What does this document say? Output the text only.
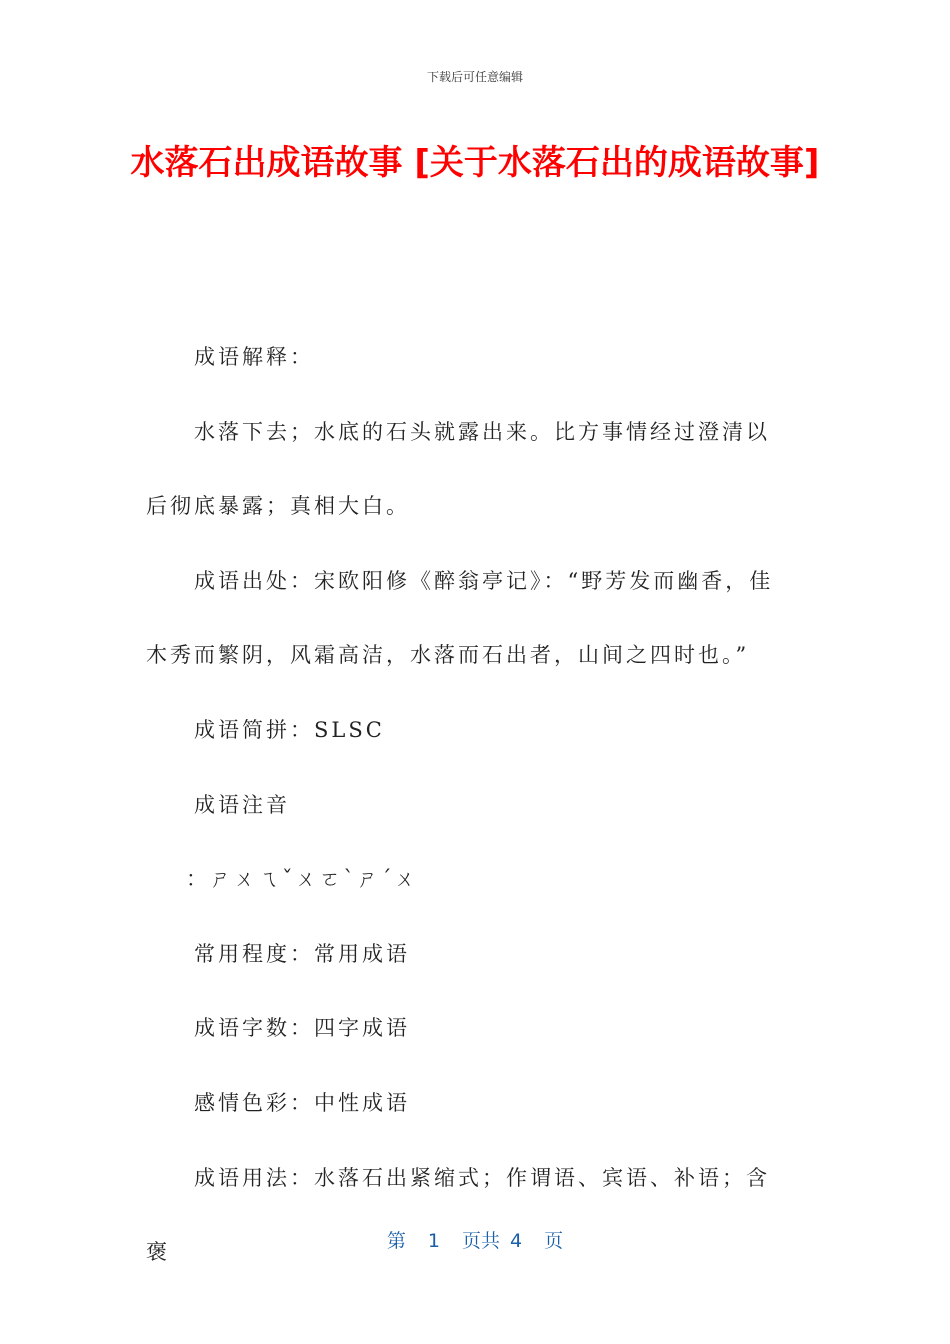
下载后可任意编辑
水落石出成语故事 [关于水落石出的成语故事]

成语解释：

水落下去；水底的石头就露出来。比方事情经过澄清以后彻底暴露；真相大白。

成语出处：宋欧阳修《醉翁亭记》：“野芳发而幽香，佳木秀而繁阴，风霜高洁，水落而石出者，山间之四时也。”

成语简拼：SLSC

成语注音

：ㄕㄨㄟˇㄨㄛˋㄕˊㄨ

常用程度：常用成语

成语字数：四字成语

感情色彩：中性成语

成语用法：水落石出紧缩式；作谓语、宾语、补语；含褒	第 1 页共 4 页
